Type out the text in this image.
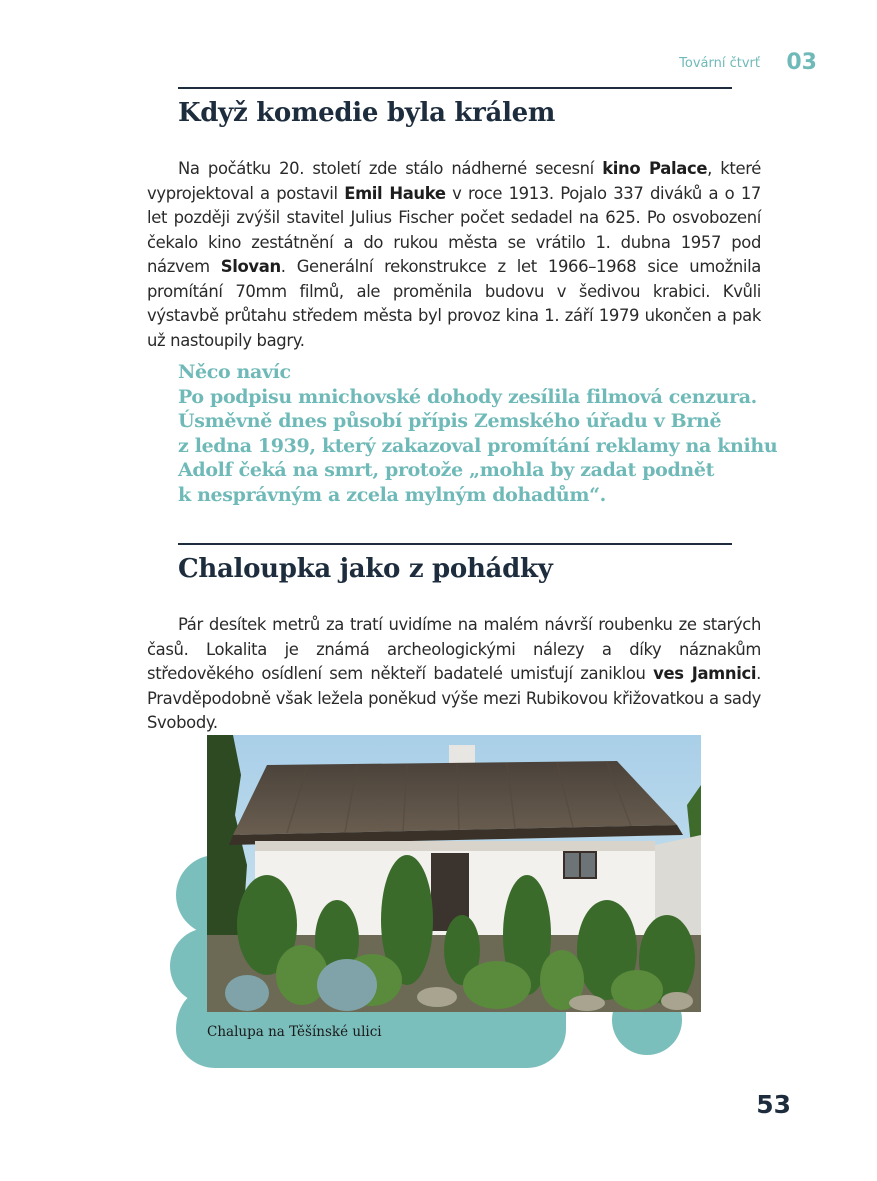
Tovární čtvrť 03
Když komedie byla králem

Na počátku 20. století zde stálo nádherné secesní kino Palace, které vyprojektoval a postavil Emil Hauke v roce 1913. Pojalo 337 diváků a o 17 let později zvýšil stavitel Julius Fischer počet sedadel na 625. Po osvobození čekalo kino zestátnění a do rukou města se vrátilo 1. dubna 1957 pod názvem Slovan. Generální rekonstrukce z let 1966–1968 sice umožnila promítání 70mm filmů, ale proměnila budovu v šedivou krabici. Kvůli výstavbě průtahu středem města byl provoz kina 1. září 1979 ukončen a pak už nastoupily bagry.

Něco navíc
Po podpisu mnichovské dohody zesílila filmová cenzura.
Úsměvně dnes působí přípis Zemského úřadu v Brně
z ledna 1939, který zakazoval promítání reklamy na knihu
Adolf čeká na smrt, protože „mohla by zadat podnět
k nesprávným a zcela mylným dohadům“.
Chaloupka jako z pohádky

Pár desítek metrů za tratí uvidíme na malém návrší roubenku ze starých časů. Lokalita je známá archeologickými nálezy a díky náznakům středověkého osídlení sem někteří badatelé umisťují zaniklou ves Jamnici. Pravděpodobně však ležela poněkud výše mezi Rubikovou křižovatkou a sady Svobody.

Chalupa na Těšínské ulici
53
